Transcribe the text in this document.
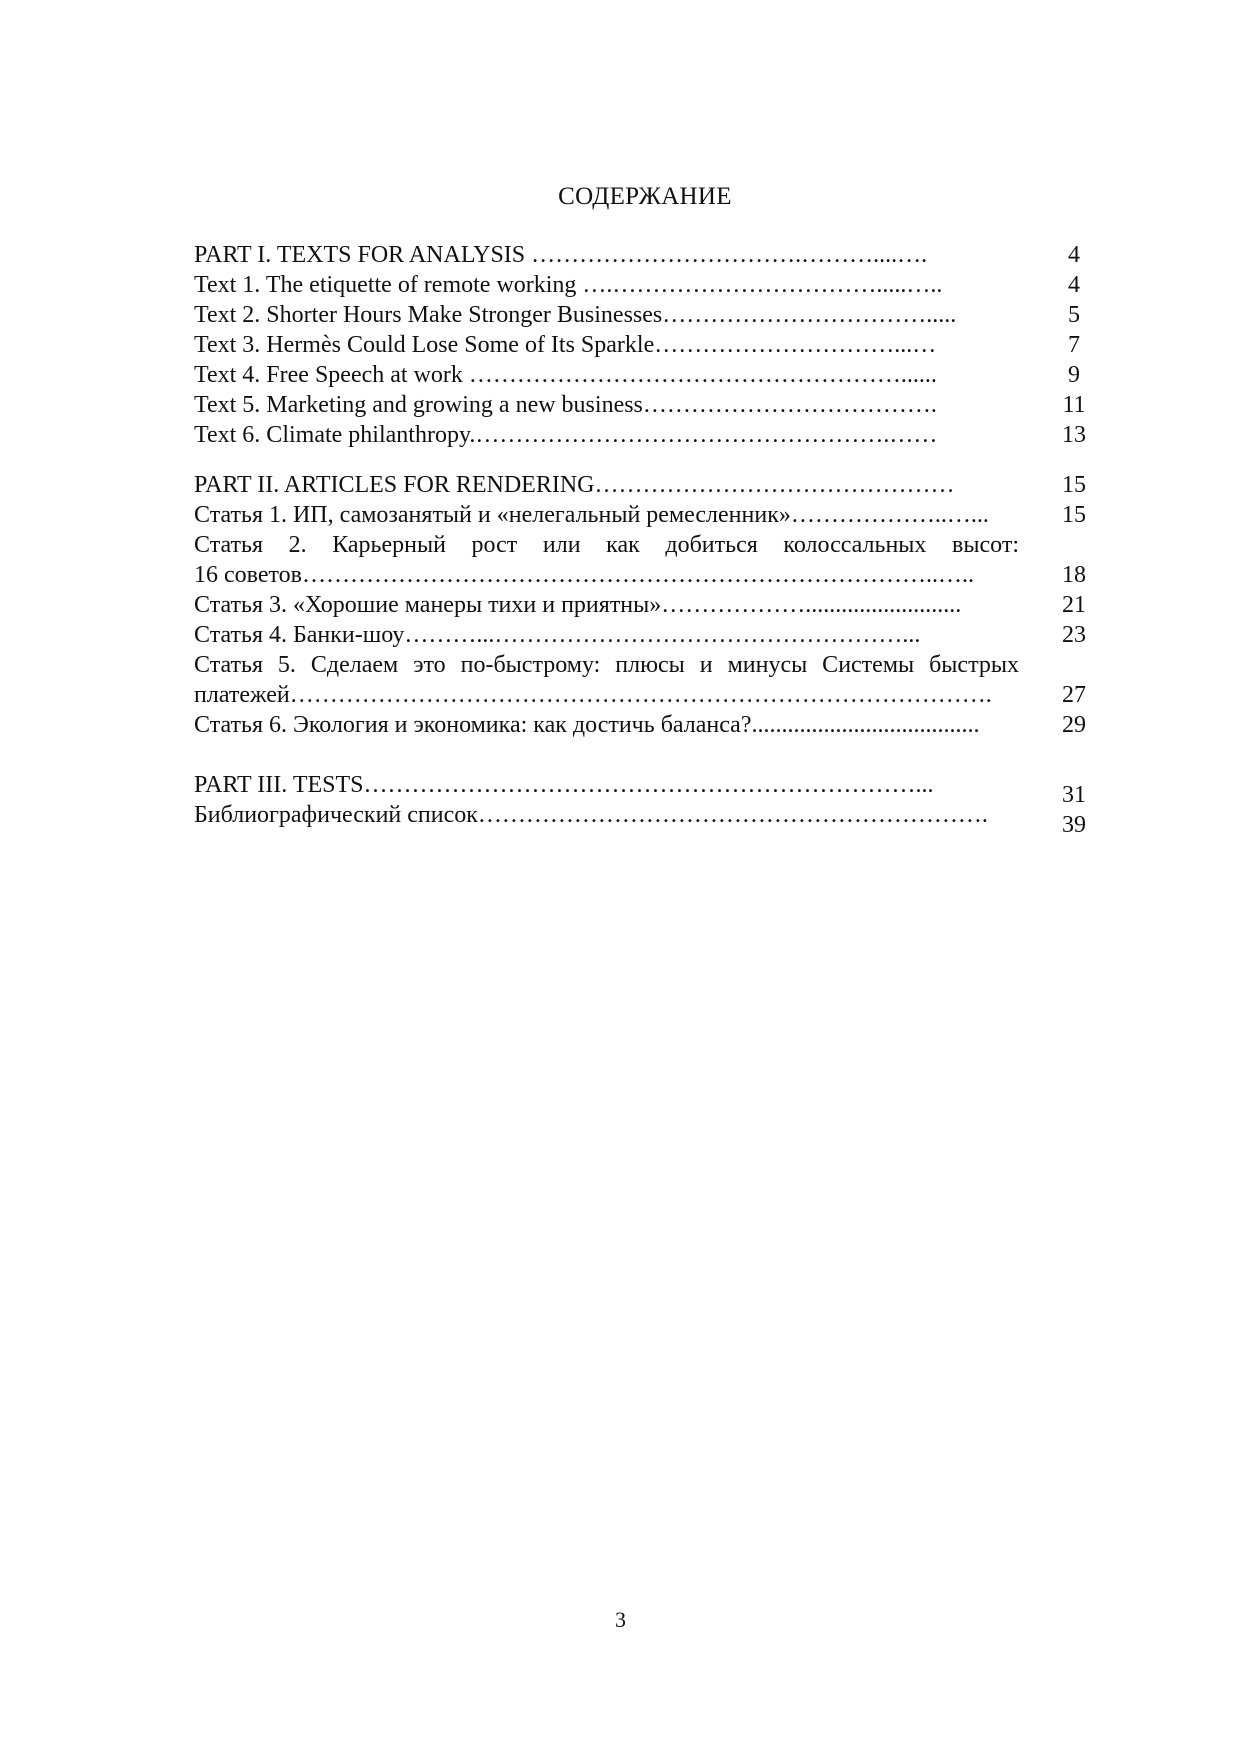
СОДЕРЖАНИЕ
PART I. TEXTS FOR ANALYSIS …………………………….………....….	4
Text 1. The etiquette of remote working ….…………………………….....…..	4
Text 2. Shorter Hours Make Stronger Businesses…………………………….....	5
Text 3. Hermès Could Lose Some of Its Sparkle…………………………...…	7
Text 4. Free Speech at work ………………………………………………......	9
Text 5. Marketing and growing a new business……………………………….	11
Text 6. Climate philanthropy.…………………………………………….……	13
PART II. ARTICLES FOR RENDERING………………………………………	15
Статья 1. ИП, самозанятый и «нелегальный ремесленник»………………..…...	15
Статья 2. Карьерный рост или как добиться колоссальных высот:
16 советов……………………………………………………………………..…..	18
Статья 3. «Хорошие манеры тихи и приятны»………………..........................	21
Статья 4. Банки-шоу………...……………………………………………...	23
Статья 5. Сделаем это по-быстрому: плюсы и минусы Системы быстрых
платежей…………………………………………………………………………….	27
Статья 6. Экология и экономика: как достичь баланса?......................................	29
PART III. TESTS……………………………………………………………...	31
Библиографический список……………………………………………………….	39
3
